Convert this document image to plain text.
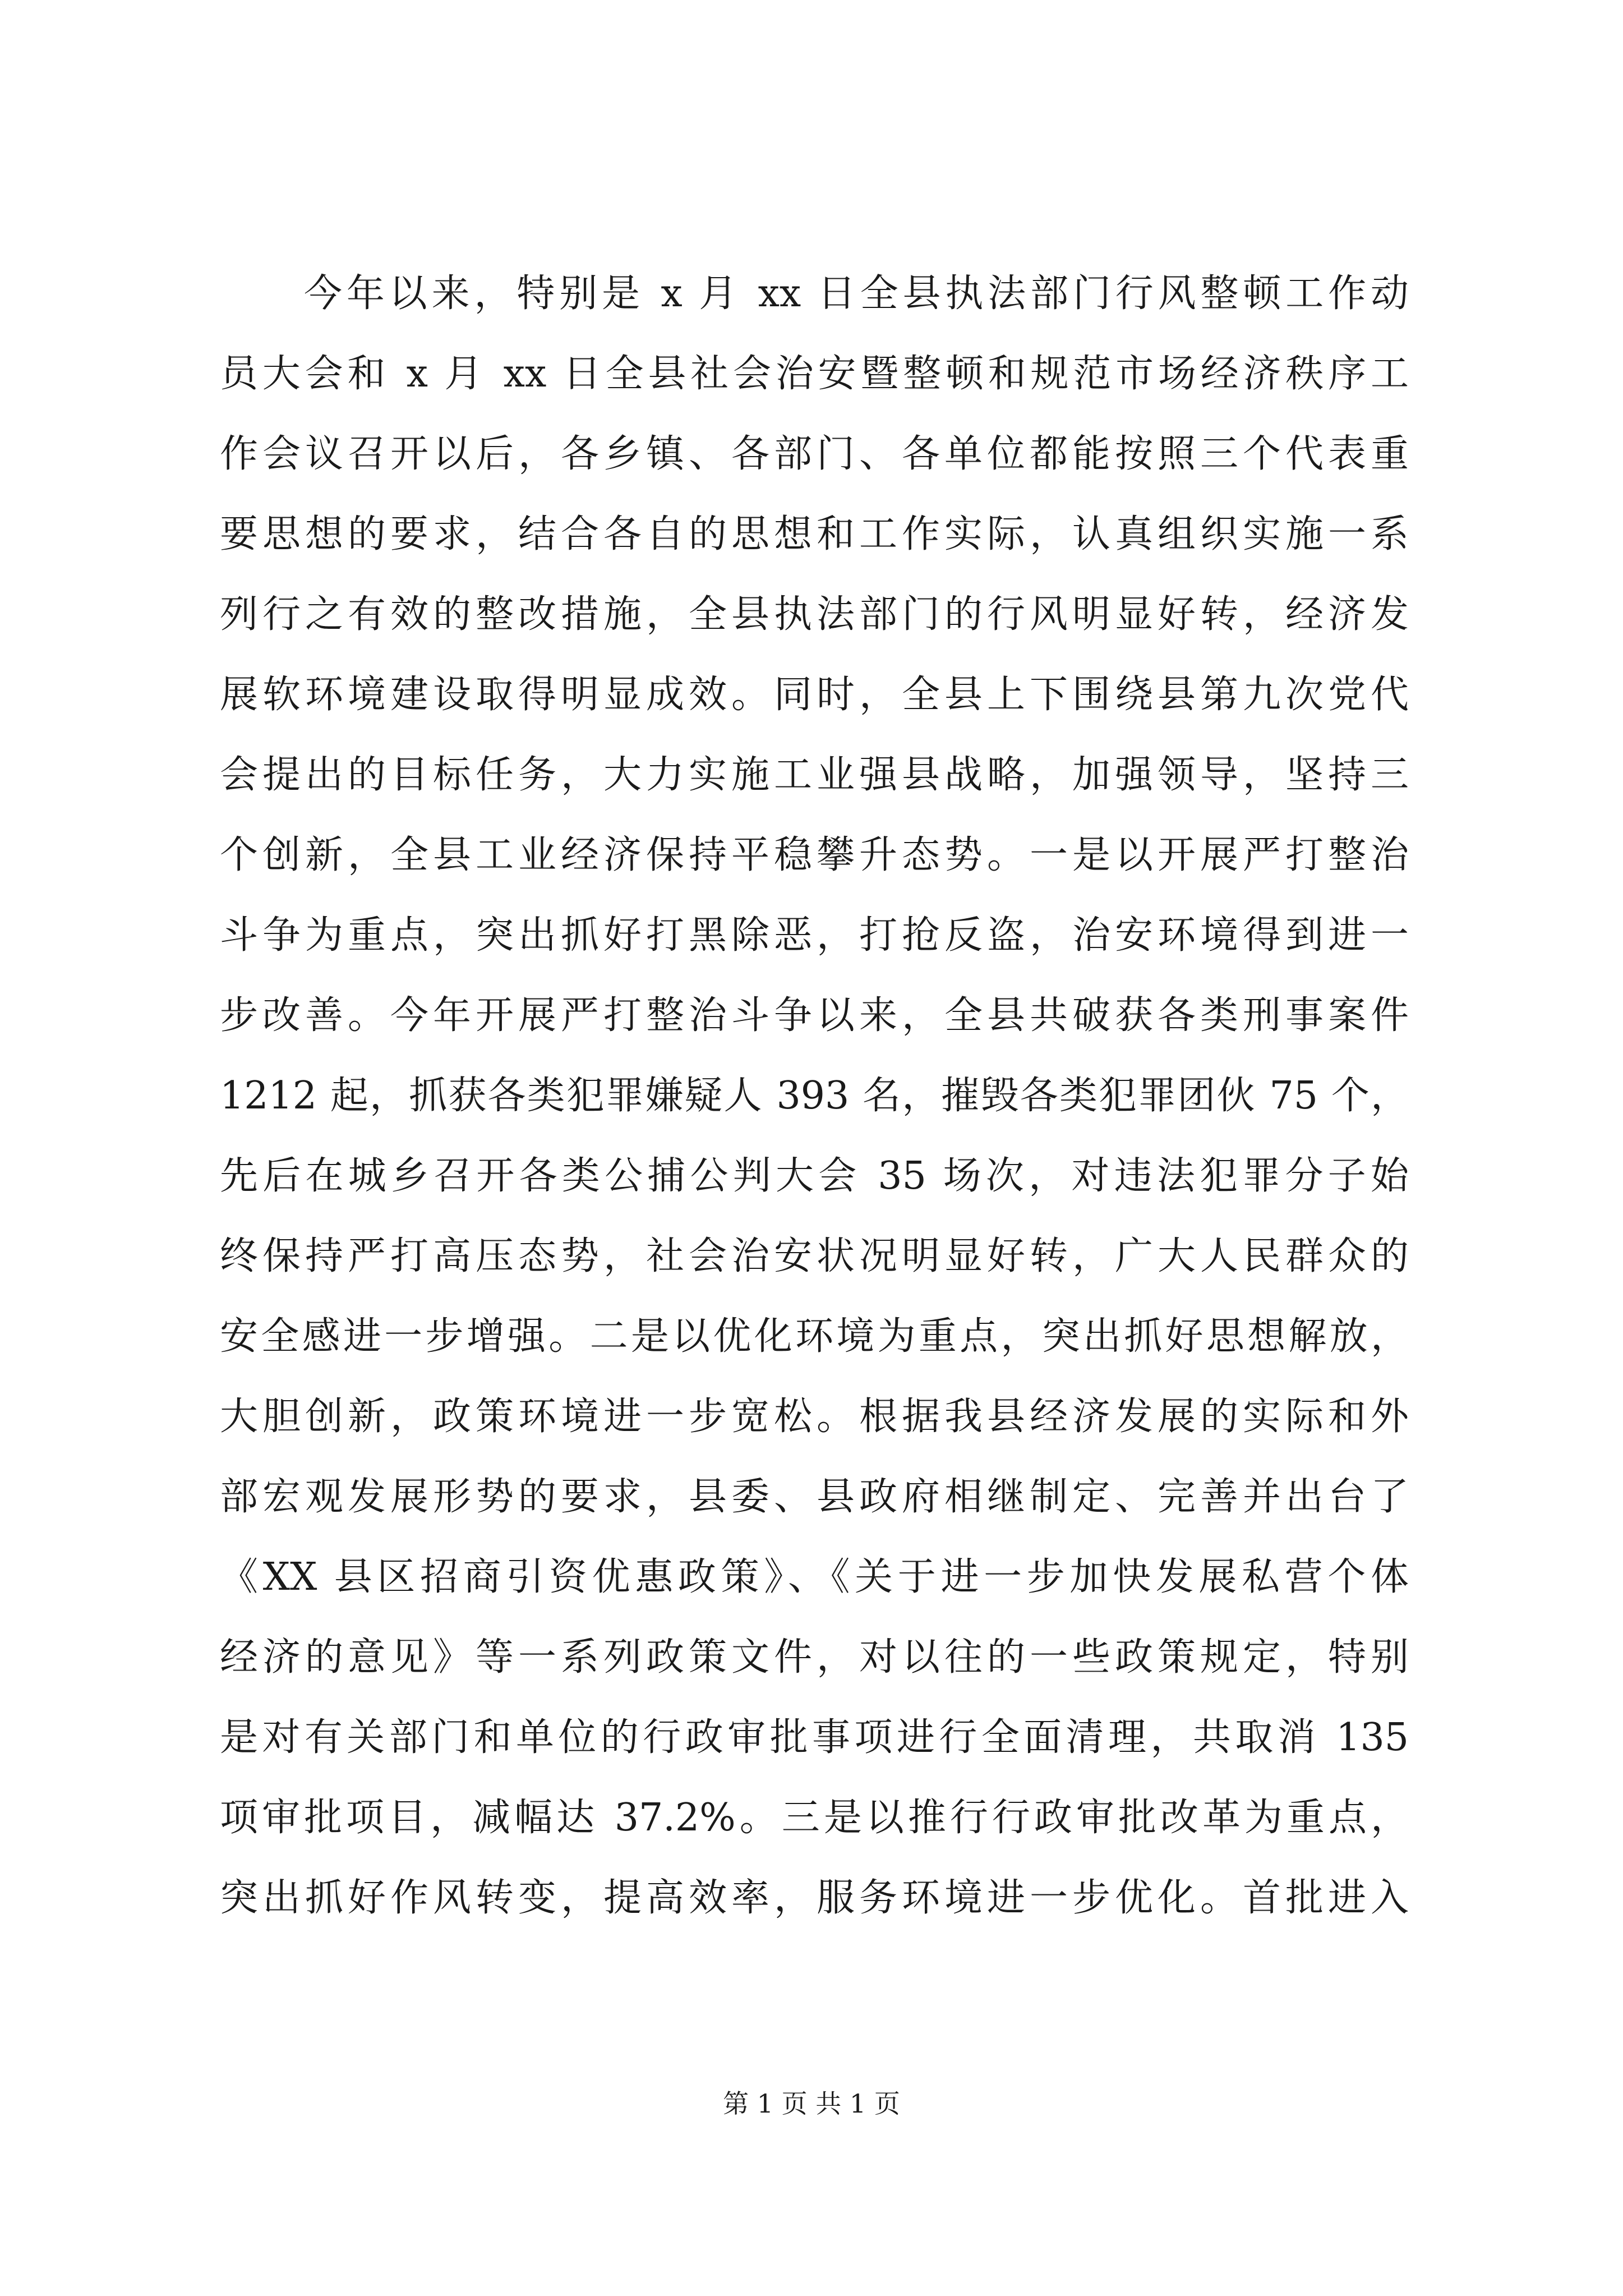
今年以来，特别是 x 月 xx 日全县执法部门行风整顿工作动
员大会和 x 月 xx 日全县社会治安暨整顿和规范市场经济秩序工
作会议召开以后，各乡镇、各部门、各单位都能按照三个代表重
要思想的要求，结合各自的思想和工作实际，认真组织实施一系
列行之有效的整改措施，全县执法部门的行风明显好转，经济发
展软环境建设取得明显成效。同时，全县上下围绕县第九次党代
会提出的目标任务，大力实施工业强县战略，加强领导，坚持三
个创新，全县工业经济保持平稳攀升态势。一是以开展严打整治
斗争为重点，突出抓好打黑除恶，打抢反盗，治安环境得到进一
步改善。今年开展严打整治斗争以来，全县共破获各类刑事案件
1212 起，抓获各类犯罪嫌疑人 393 名，摧毁各类犯罪团伙 75 个，
先后在城乡召开各类公捕公判大会 35 场次，对违法犯罪分子始
终保持严打高压态势，社会治安状况明显好转，广大人民群众的
安全感进一步增强。二是以优化环境为重点，突出抓好思想解放，
大胆创新，政策环境进一步宽松。根据我县经济发展的实际和外
部宏观发展形势的要求，县委、县政府相继制定、完善并出台了
《XX 县区招商引资优惠政策》、《关于进一步加快发展私营个体
经济的意见》等一系列政策文件，对以往的一些政策规定，特别
是对有关部门和单位的行政审批事项进行全面清理，共取消 135
项审批项目，减幅达 37.2%。三是以推行行政审批改革为重点，
突出抓好作风转变，提高效率，服务环境进一步优化。首批进入
第 1 页 共 1 页
